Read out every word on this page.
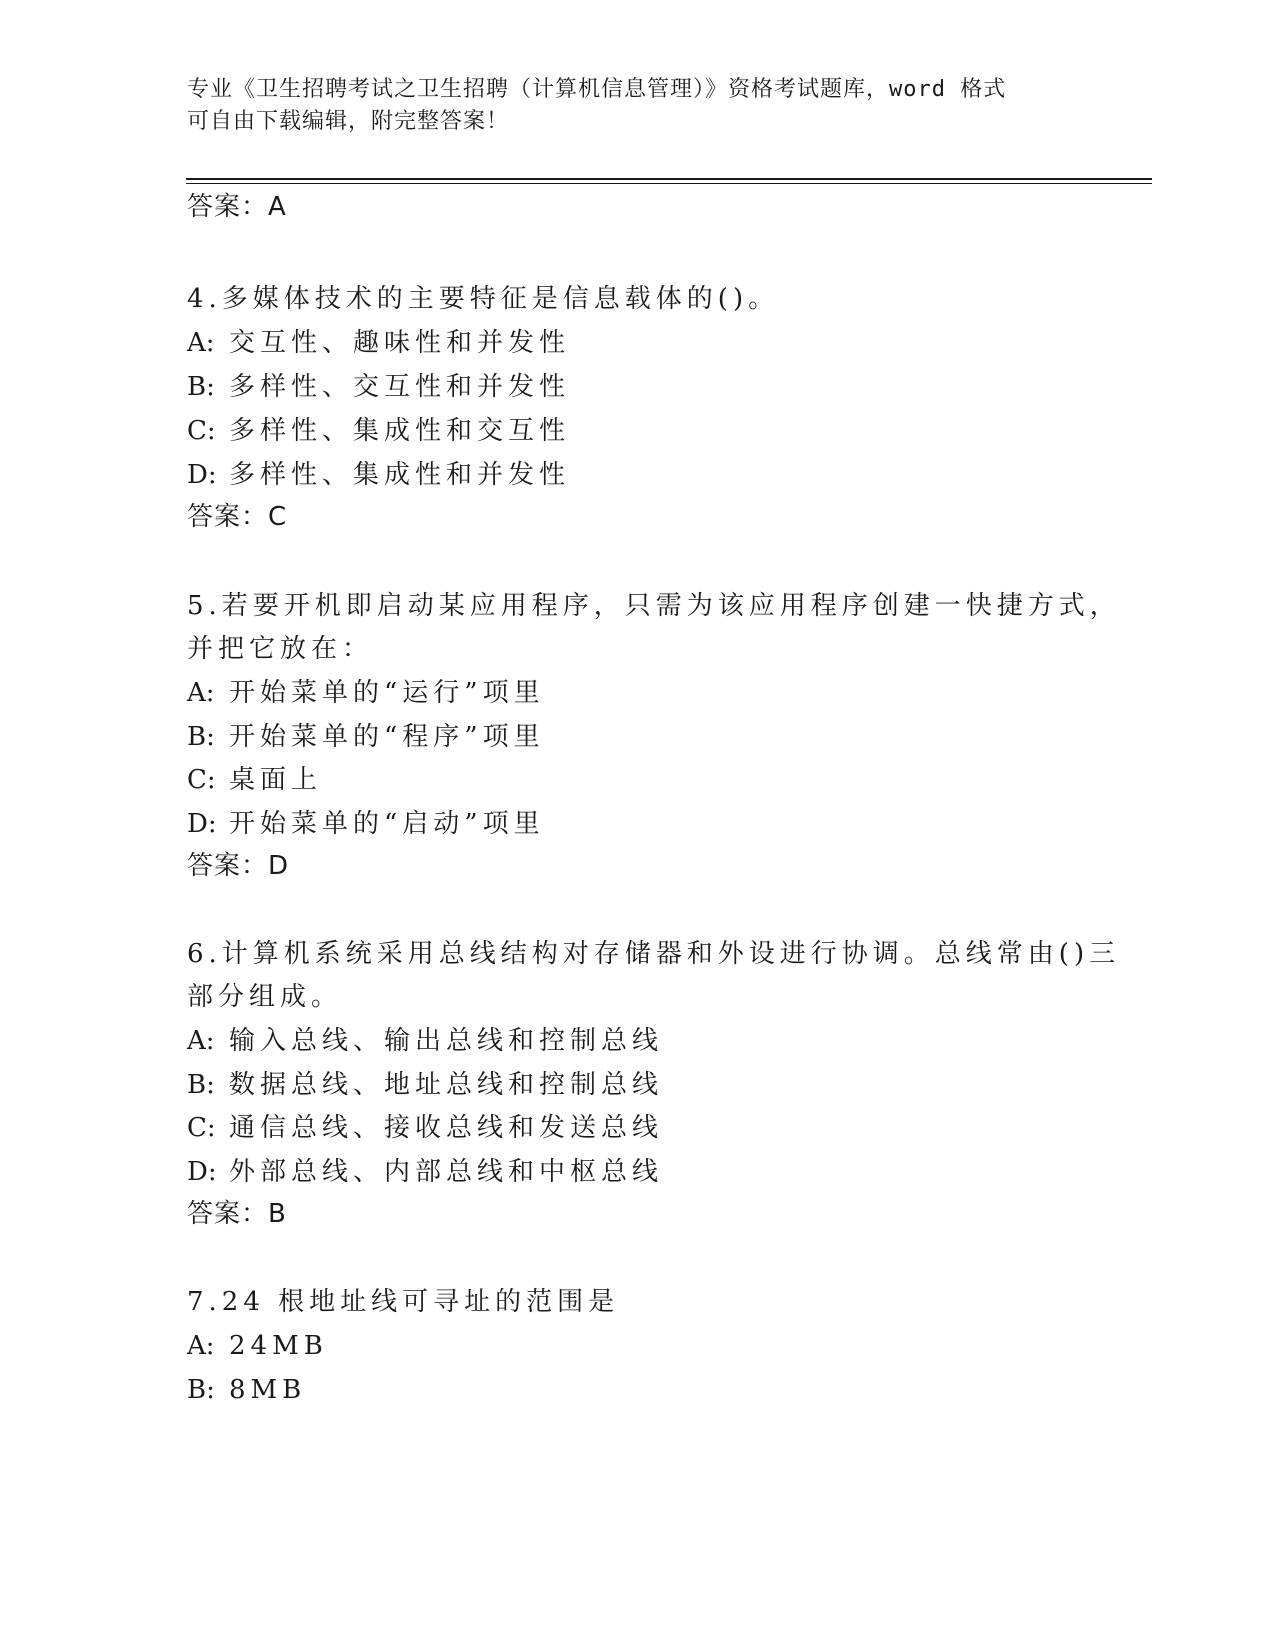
专业《卫生招聘考试之卫生招聘（计算机信息管理）》资格考试题库，word 格式
可自由下载编辑，附完整答案！
答案：A
4.多媒体技术的主要特征是信息载体的()。
A: 交互性、趣味性和并发性
B: 多样性、交互性和并发性
C: 多样性、集成性和交互性
D: 多样性、集成性和并发性
答案：C
5.若要开机即启动某应用程序，只需为该应用程序创建一快捷方式，
并把它放在：
A: 开始菜单的“运行”项里
B: 开始菜单的“程序”项里
C: 桌面上
D: 开始菜单的“启动”项里
答案：D
6.计算机系统采用总线结构对存储器和外设进行协调。总线常由()三
部分组成。
A: 输入总线、输出总线和控制总线
B: 数据总线、地址总线和控制总线
C: 通信总线、接收总线和发送总线
D: 外部总线、内部总线和中枢总线
答案：B
7.24 根地址线可寻址的范围是
A: 24MB
B: 8MB
